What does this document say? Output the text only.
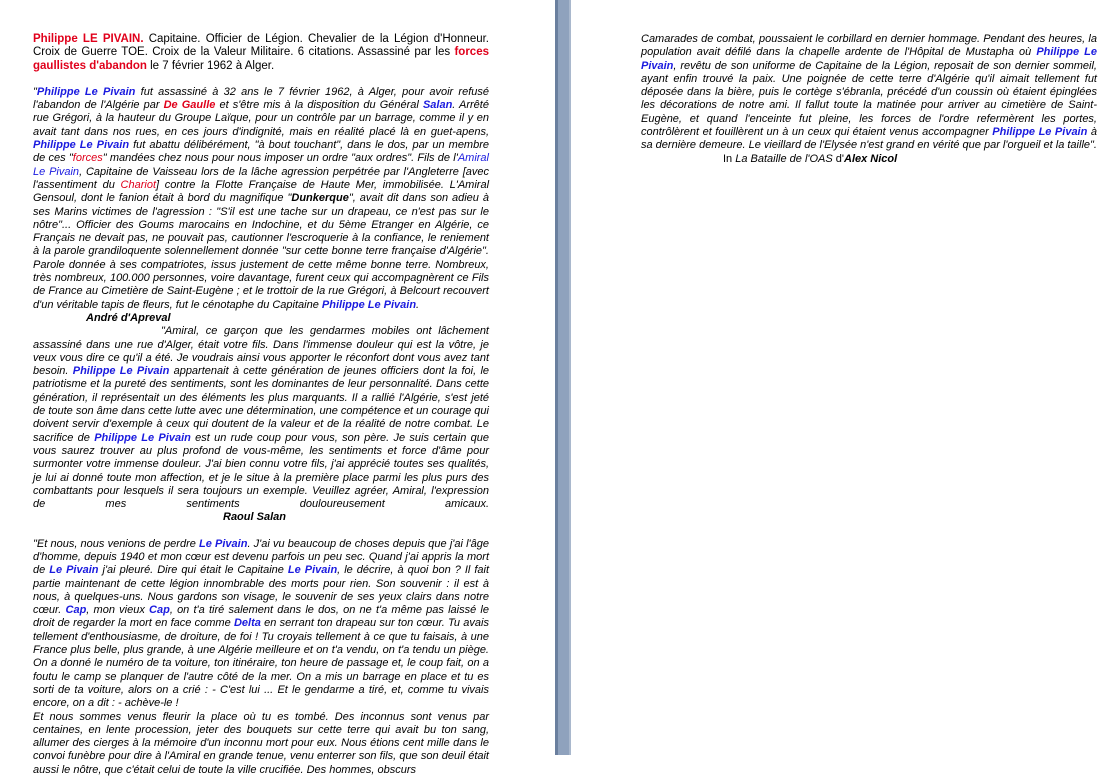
Philippe LE PIVAIN. Capitaine. Officier de Légion. Chevalier de la Légion d'Honneur. Croix de Guerre TOE. Croix de la Valeur Militaire. 6 citations. Assassiné par les forces gaullistes d'abandon le 7 février 1962 à Alger.

"Philippe Le Pivain fut assassiné à 32 ans le 7 février 1962, à Alger, pour avoir refusé l'abandon de l'Algérie par De Gaulle et s'être mis à la disposition du Général Salan. Arrêté rue Grégori, à la hauteur du Groupe Laïque, pour un contrôle par un barrage, comme il y en avait tant dans nos rues, en ces jours d'indignité, mais en réalité placé là en guet-apens, Philippe Le Pivain fut abattu délibérément, "à bout touchant", dans le dos, par un membre de ces "forces" mandées chez nous pour nous imposer un ordre "aux ordres". Fils de l'Amiral Le Pivain, Capitaine de Vaisseau lors de la lâche agression perpétrée par l'Angleterre [avec l'assentiment du Chariot] contre la Flotte Française de Haute Mer, immobilisée. L'Amiral Gensoul, dont le fanion était à bord du magnifique "Dunkerque", avait dit dans son adieu à ses Marins victimes de l'agression : "S'il est une tache sur un drapeau, ce n'est pas sur le nôtre"... Officier des Goums marocains en Indochine, et du 5ème Etranger en Algérie, ce Français ne devait pas, ne pouvait pas, cautionner l'escroquerie à la confiance, le reniement à la parole grandiloquente solennellement donnée "sur cette bonne terre française d'Algérie". Parole donnée à ses compatriotes, issus justement de cette même bonne terre. Nombreux, très nombreux, 100.000 personnes, voire davantage, furent ceux qui accompagnèrent ce Fils de France au Cimetière de Saint-Eugène ; et le trottoir de la rue Grégori, à Belcourt recouvert d'un véritable tapis de fleurs, fut le cénotaphe du Capitaine Philippe Le Pivain.

André d'Apreval

"Amiral, ce garçon que les gendarmes mobiles ont lâchement assassiné dans une rue d'Alger, était votre fils. Dans l'immense douleur qui est la vôtre, je veux vous dire ce qu'il a été. Je voudrais ainsi vous apporter le réconfort dont vous avez tant besoin. Philippe Le Pivain appartenait à cette génération de jeunes officiers dont la foi, le patriotisme et la pureté des sentiments, sont les dominantes de leur personnalité. Dans cette génération, il représentait un des éléments les plus marquants. Il a rallié l'Algérie, s'est jeté de toute son âme dans cette lutte avec une détermination, une compétence et un courage qui doivent servir d'exemple à ceux qui doutent de la valeur et de la réalité de notre combat. Le sacrifice de Philippe Le Pivain est un rude coup pour vous, son père. Je suis certain que vous saurez trouver au plus profond de vous-même, les sentiments et force d'âme pour surmonter votre immense douleur. J'ai bien connu votre fils, j'ai apprécié toutes ses qualités, je lui ai donné toute mon affection, et je le situe à la première place parmi les plus purs des combattants pour lesquels il sera toujours un exemple. Veuillez agréer, Amiral, l'expression de mes sentiments douloureusement amicaux.Raoul Salan

"Et nous, nous venions de perdre Le Pivain. J'ai vu beaucoup de choses depuis que j'ai l'âge d'homme, depuis 1940 et mon cœur est devenu parfois un peu sec. Quand j'ai appris la mort de Le Pivain j'ai pleuré. Dire qui était le Capitaine Le Pivain, le décrire, à quoi bon ? Il fait partie maintenant de cette légion innombrable des morts pour rien. Son souvenir : il est à nous, à quelques-uns. Nous gardons son visage, le souvenir de ses yeux clairs dans notre cœur. Cap, mon vieux Cap, on t'a tiré salement dans le dos, on ne t'a même pas laissé le droit de regarder la mort en face comme Delta en serrant ton drapeau sur ton cœur. Tu avais tellement d'enthousiasme, de droiture, de foi ! Tu croyais tellement à ce que tu faisais, à une France plus belle, plus grande, à une Algérie meilleure et on t'a vendu, on t'a tendu un piège. On a donné le numéro de ta voiture, ton itinéraire, ton heure de passage et, le coup fait, on a foutu le camp se planquer de l'autre côté de la mer. On a mis un barrage en place et tu es sorti de ta voiture, alors on a crié : - C'est lui ... Et le gendarme a tiré, et, comme tu vivais encore, on a dit : - achève-le !

Et nous sommes venus fleurir la place où tu es tombé. Des inconnus sont venus par centaines, en lente procession, jeter des bouquets sur cette terre qui avait bu ton sang, allumer des cierges à la mémoire d'un inconnu mort pour eux. Nous étions cent mille dans le convoi funèbre pour dire à l'Amiral en grande tenue, venu enterrer son fils, que son deuil était aussi le nôtre, que c'était celui de toute la ville crucifiée. Des hommes, obscurs

Camarades de combat, poussaient le corbillard en dernier hommage. Pendant des heures, la population avait défilé dans la chapelle ardente de l'Hôpital de Mustapha où Philippe Le Pivain, revêtu de son uniforme de Capitaine de la Légion, reposait de son dernier sommeil, ayant enfin trouvé la paix. Une poignée de cette terre d'Algérie qu'il aimait tellement fut déposée dans la bière, puis le cortège s'ébranla, précédé d'un coussin où étaient épinglées les décorations de notre ami. Il fallut toute la matinée pour arriver au cimetière de Saint-Eugène, et quand l'enceinte fut pleine, les forces de l'ordre refermèrent les portes, contrôlèrent et fouillèrent un à un ceux qui étaient venus accompagner Philippe Le Pivain à sa dernière demeure. Le vieillard de l'Elysée n'est grand en vérité que par l'orgueil et la taille".

In La Bataille de l'OAS d'Alex Nicol
